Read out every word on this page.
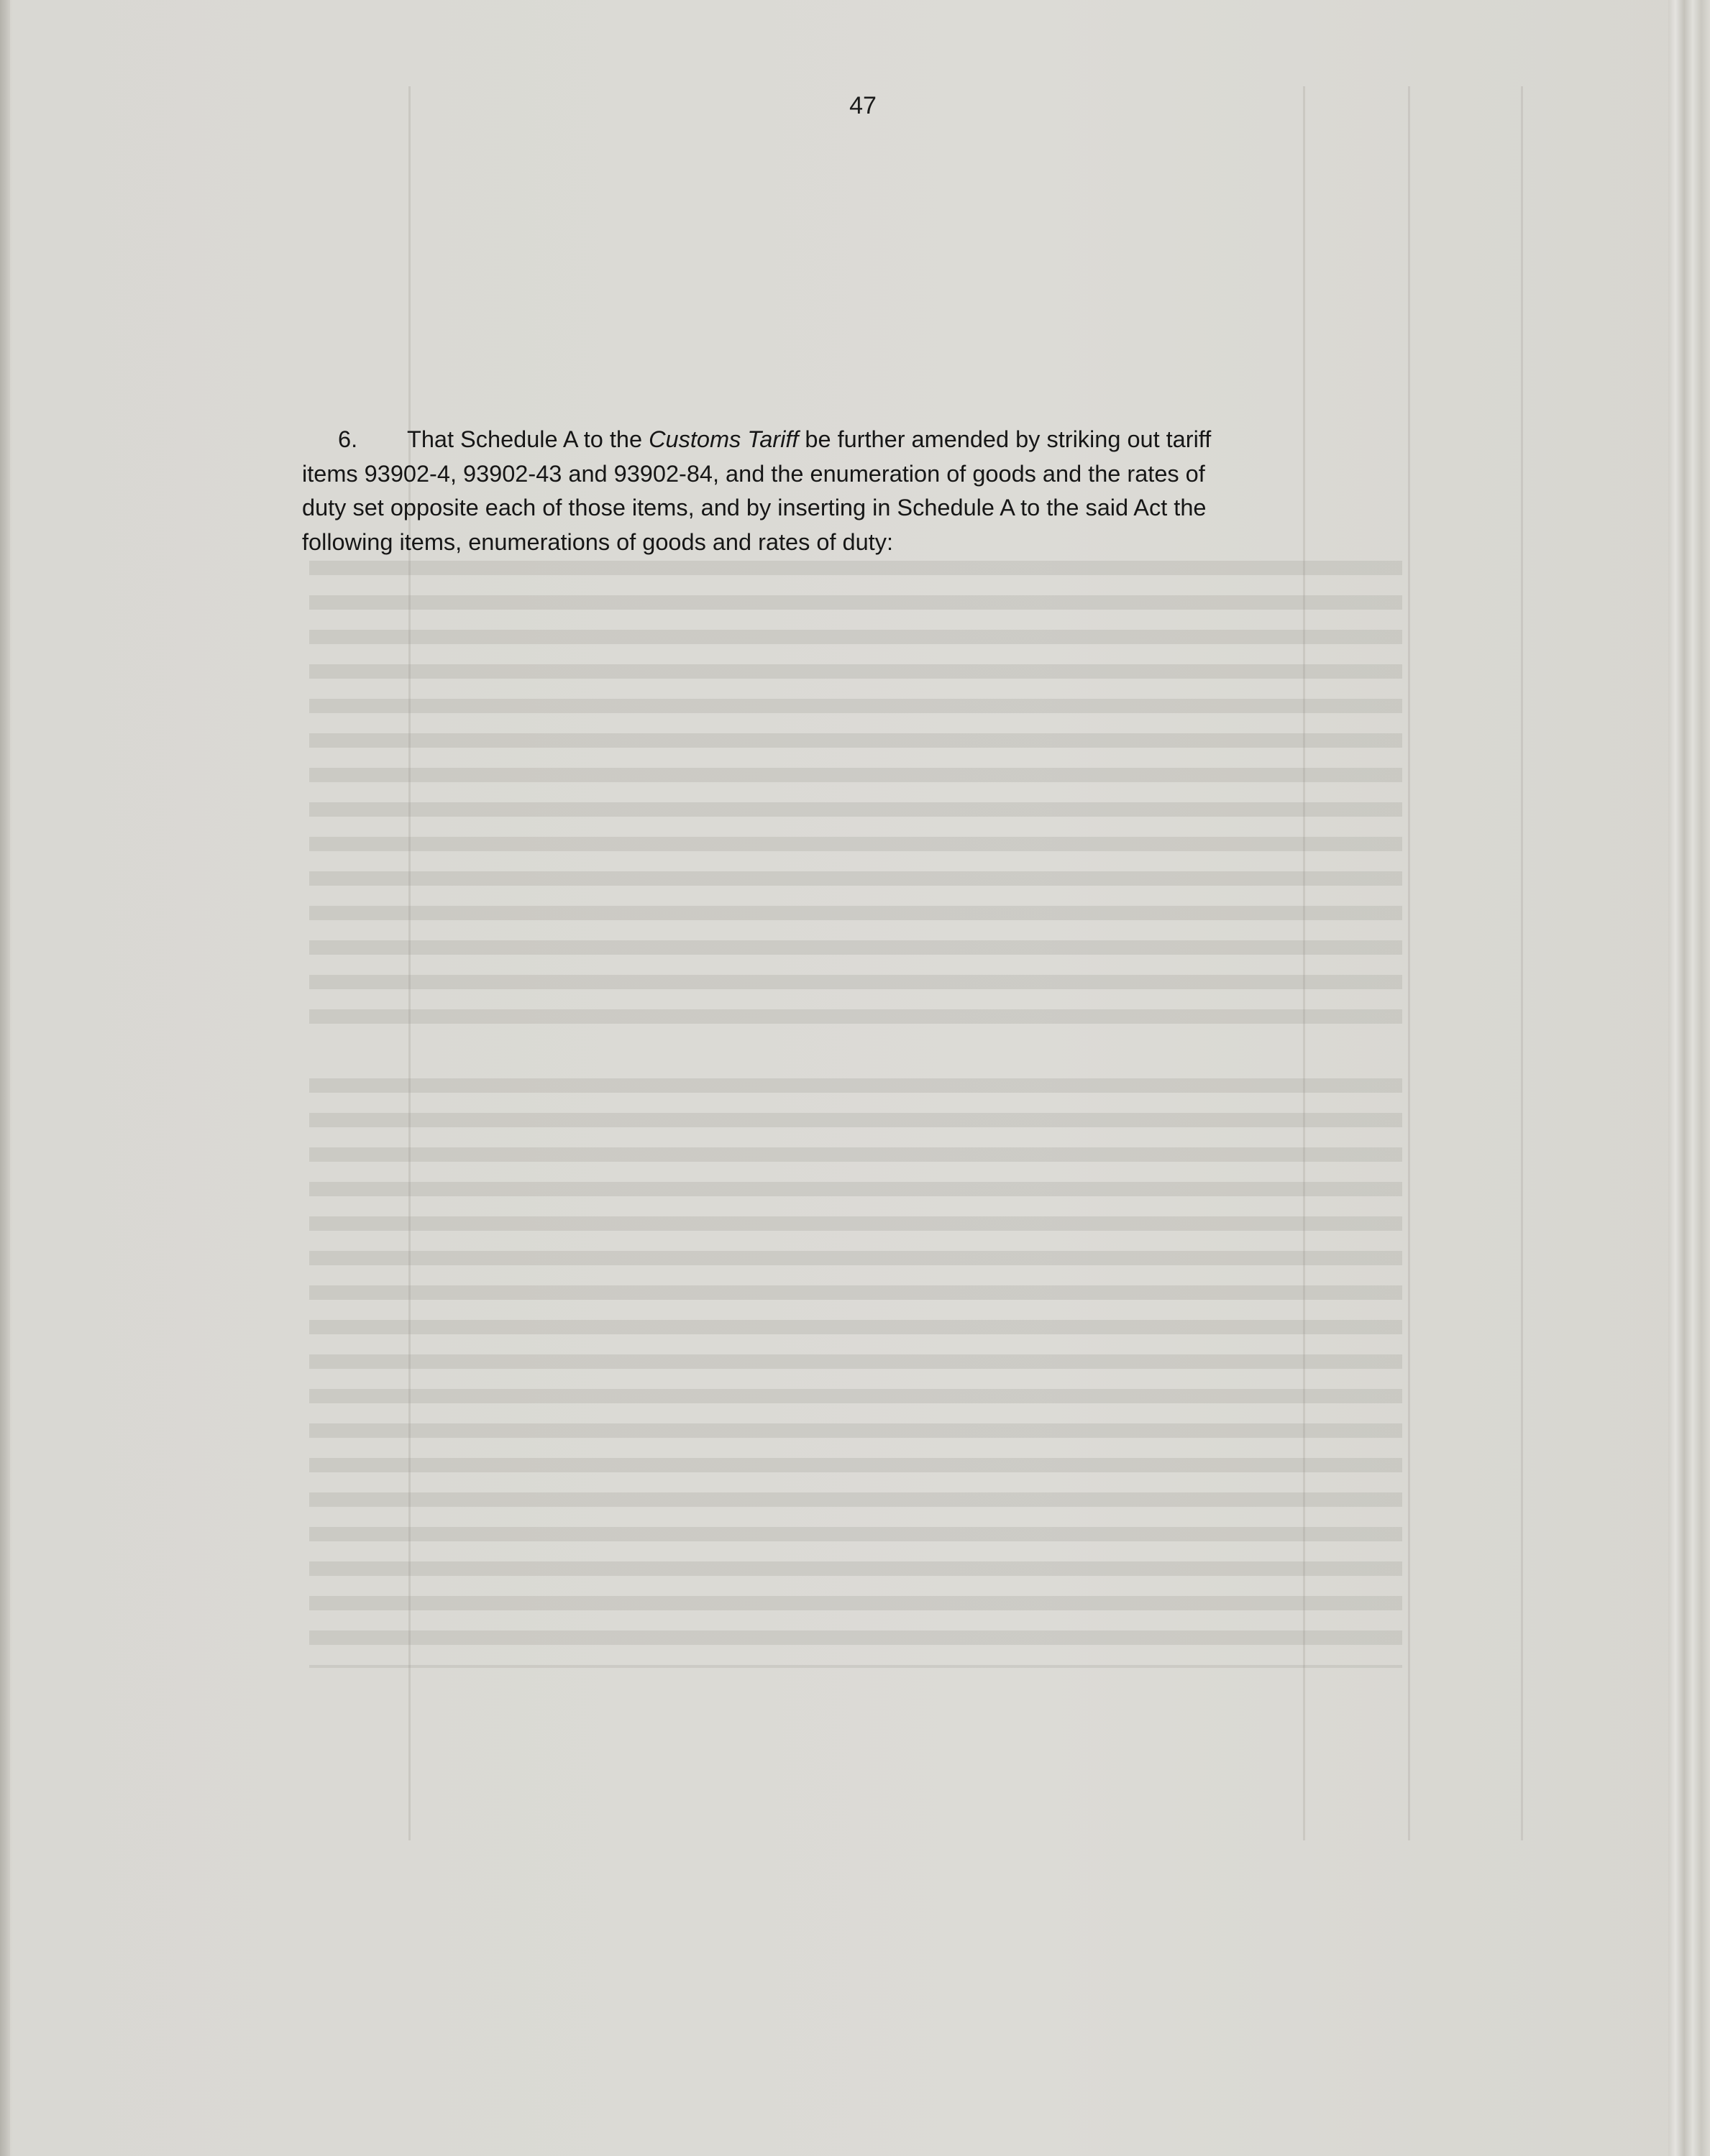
47

6. That Schedule A to the Customs Tariff be further amended by striking out tariff
items 93902-4, 93902-43 and 93902-84, and the enumeration of goods and the rates of
duty set opposite each of those items, and by inserting in Schedule A to the said Act the
following items, enumerations of goods and rates of duty:
